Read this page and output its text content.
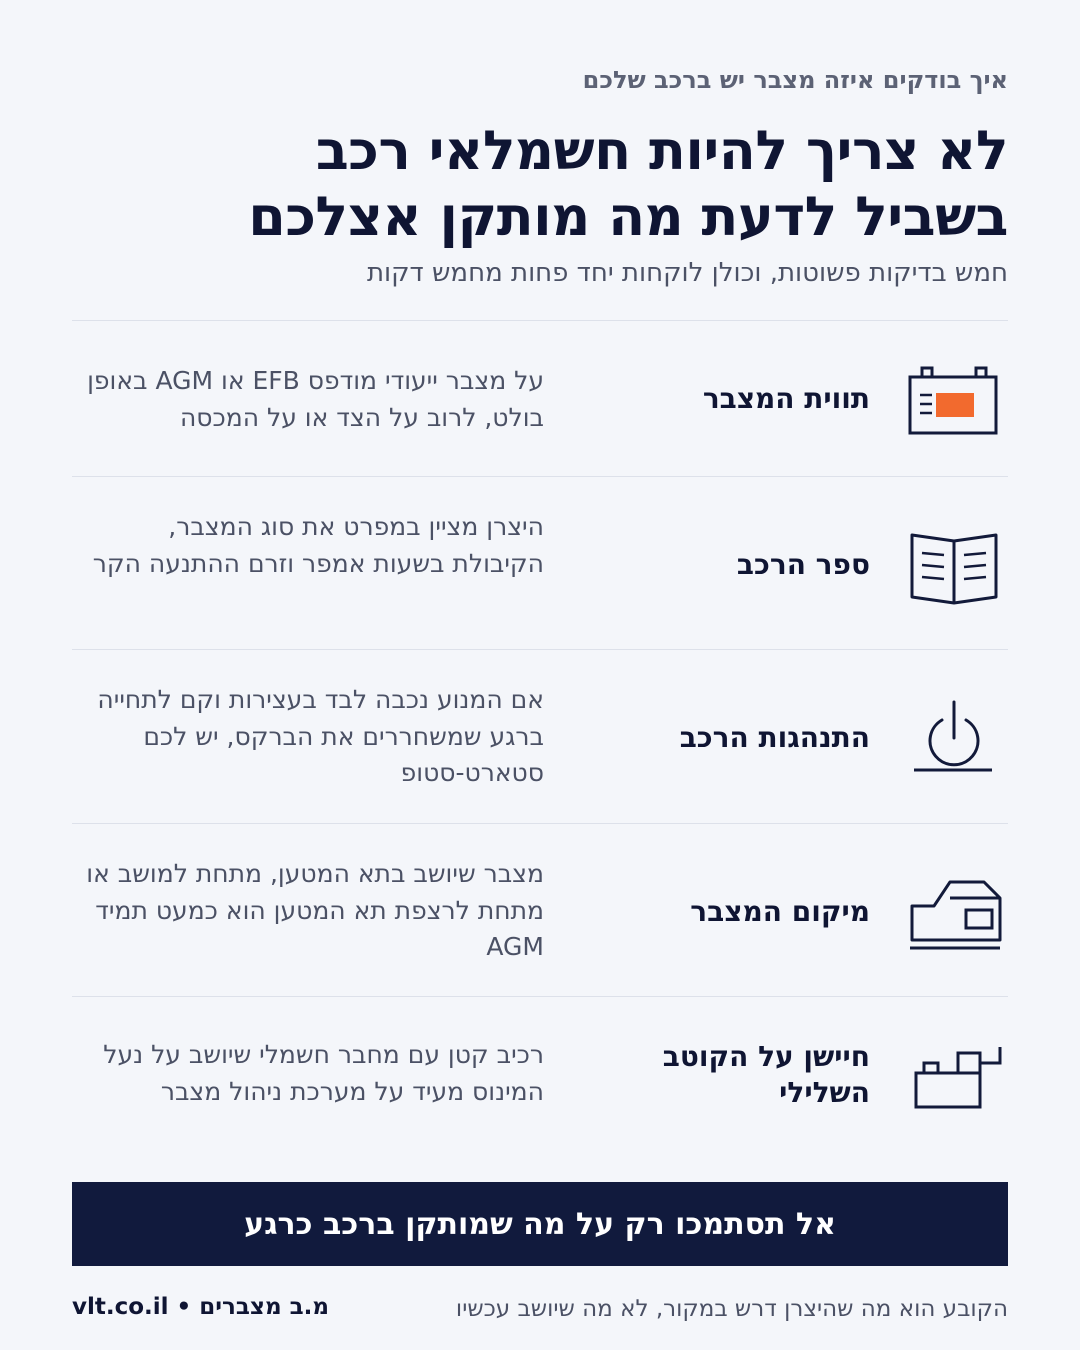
איך בודקים איזה מצבר יש ברכב שלכם
לא צריך להיות חשמלאי רכב
בשביל לדעת מה מותקן אצלכם
חמש בדיקות פשוטות, וכולן לוקחות יחד פחות מחמש דקות
תווית המצבר
על מצבר ייעודי מודפס EFB או AGM באופן בולט, לרוב על הצד או על המכסה
ספר הרכב
היצרן מציין במפרט את סוג המצבר, הקיבולת בשעות אמפר וזרם ההתנעה הקר
התנהגות הרכב
אם המנוע נכבה לבד בעצירות וקם לתחייה ברגע שמשחררים את הברקס, יש לכם סטארט-סטופ
מיקום המצבר
מצבר שיושב בתא המטען, מתחת למושב או מתחת לרצפת תא המטען הוא כמעט תמיד AGM
חיישן על הקוטב השלילי
רכיב קטן עם מחבר חשמלי שיושב על נעל המינוס מעיד על מערכת ניהול מצבר
אל תסתמכו רק על מה שמותקן ברכב כרגע
הקובע הוא מה שהיצרן דרש במקור, לא מה שיושב עכשיו
vlt.co.il • מ.ב מצברים
